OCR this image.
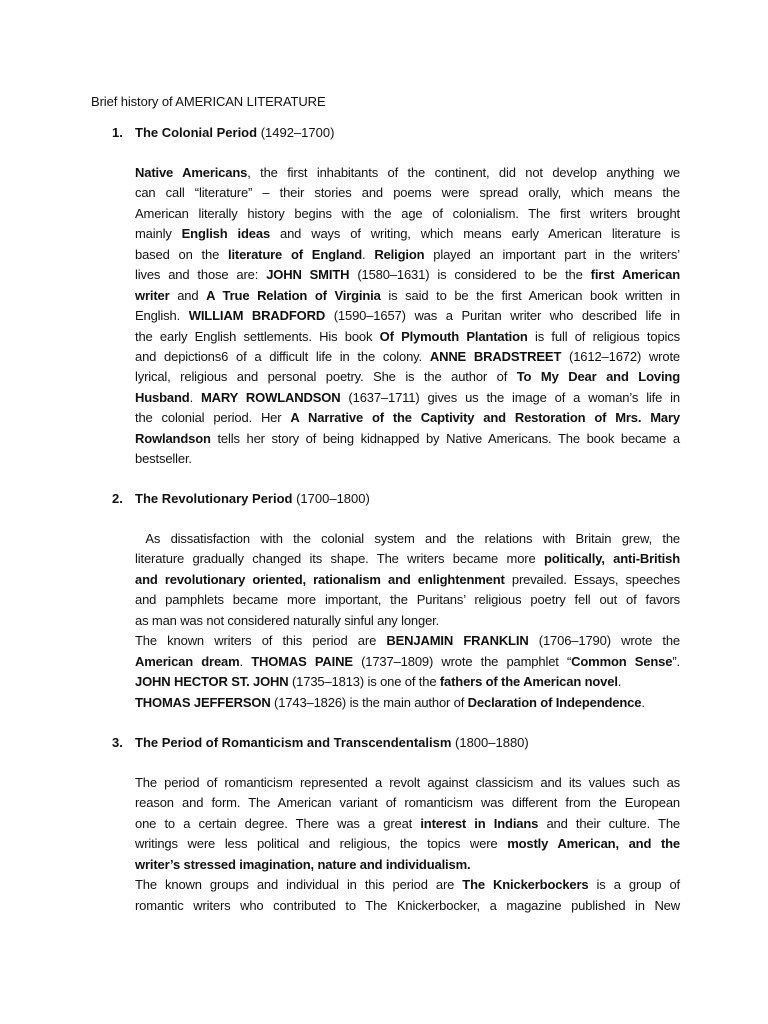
Brief history of AMERICAN LITERATURE
1. The Colonial Period (1492–1700)
Native Americans, the first inhabitants of the continent, did not develop anything we
can call “literature” – their stories and poems were spread orally, which means the
American literally history begins with the age of colonialism. The first writers brought
mainly English ideas and ways of writing, which means early American literature is
based on the literature of England. Religion played an important part in the writers’
lives and those are: JOHN SMITH (1580–1631) is considered to be the first American
writer and A True Relation of Virginia is said to be the first American book written in
English. WILLIAM BRADFORD (1590–1657) was a Puritan writer who described life in
the early English settlements. His book Of Plymouth Plantation is full of religious topics
and depictions6 of a difficult life in the colony. ANNE BRADSTREET (1612–1672) wrote
lyrical, religious and personal poetry. She is the author of To My Dear and Loving
Husband. MARY ROWLANDSON (1637–1711) gives us the image of a woman’s life in
the colonial period. Her A Narrative of the Captivity and Restoration of Mrs. Mary
Rowlandson tells her story of being kidnapped by Native Americans. The book became a
bestseller.
2. The Revolutionary Period (1700–1800)
As dissatisfaction with the colonial system and the relations with Britain grew, the
literature gradually changed its shape. The writers became more politically, anti-British
and revolutionary oriented, rationalism and enlightenment prevailed. Essays, speeches
and pamphlets became more important, the Puritans’ religious poetry fell out of favors
as man was not considered naturally sinful any longer.
The known writers of this period are BENJAMIN FRANKLIN (1706–1790) wrote the
American dream. THOMAS PAINE (1737–1809) wrote the pamphlet “Common Sense”.
JOHN HECTOR ST. JOHN (1735–1813) is one of the fathers of the American novel.
THOMAS JEFFERSON (1743–1826) is the main author of Declaration of Independence.
3. The Period of Romanticism and Transcendentalism (1800–1880)
The period of romanticism represented a revolt against classicism and its values such as
reason and form. The American variant of romanticism was different from the European
one to a certain degree. There was a great interest in Indians and their culture. The
writings were less political and religious, the topics were mostly American, and the
writer’s stressed imagination, nature and individualism.
The known groups and individual in this period are The Knickerbockers is a group of
romantic writers who contributed to The Knickerbocker, a magazine published in New
